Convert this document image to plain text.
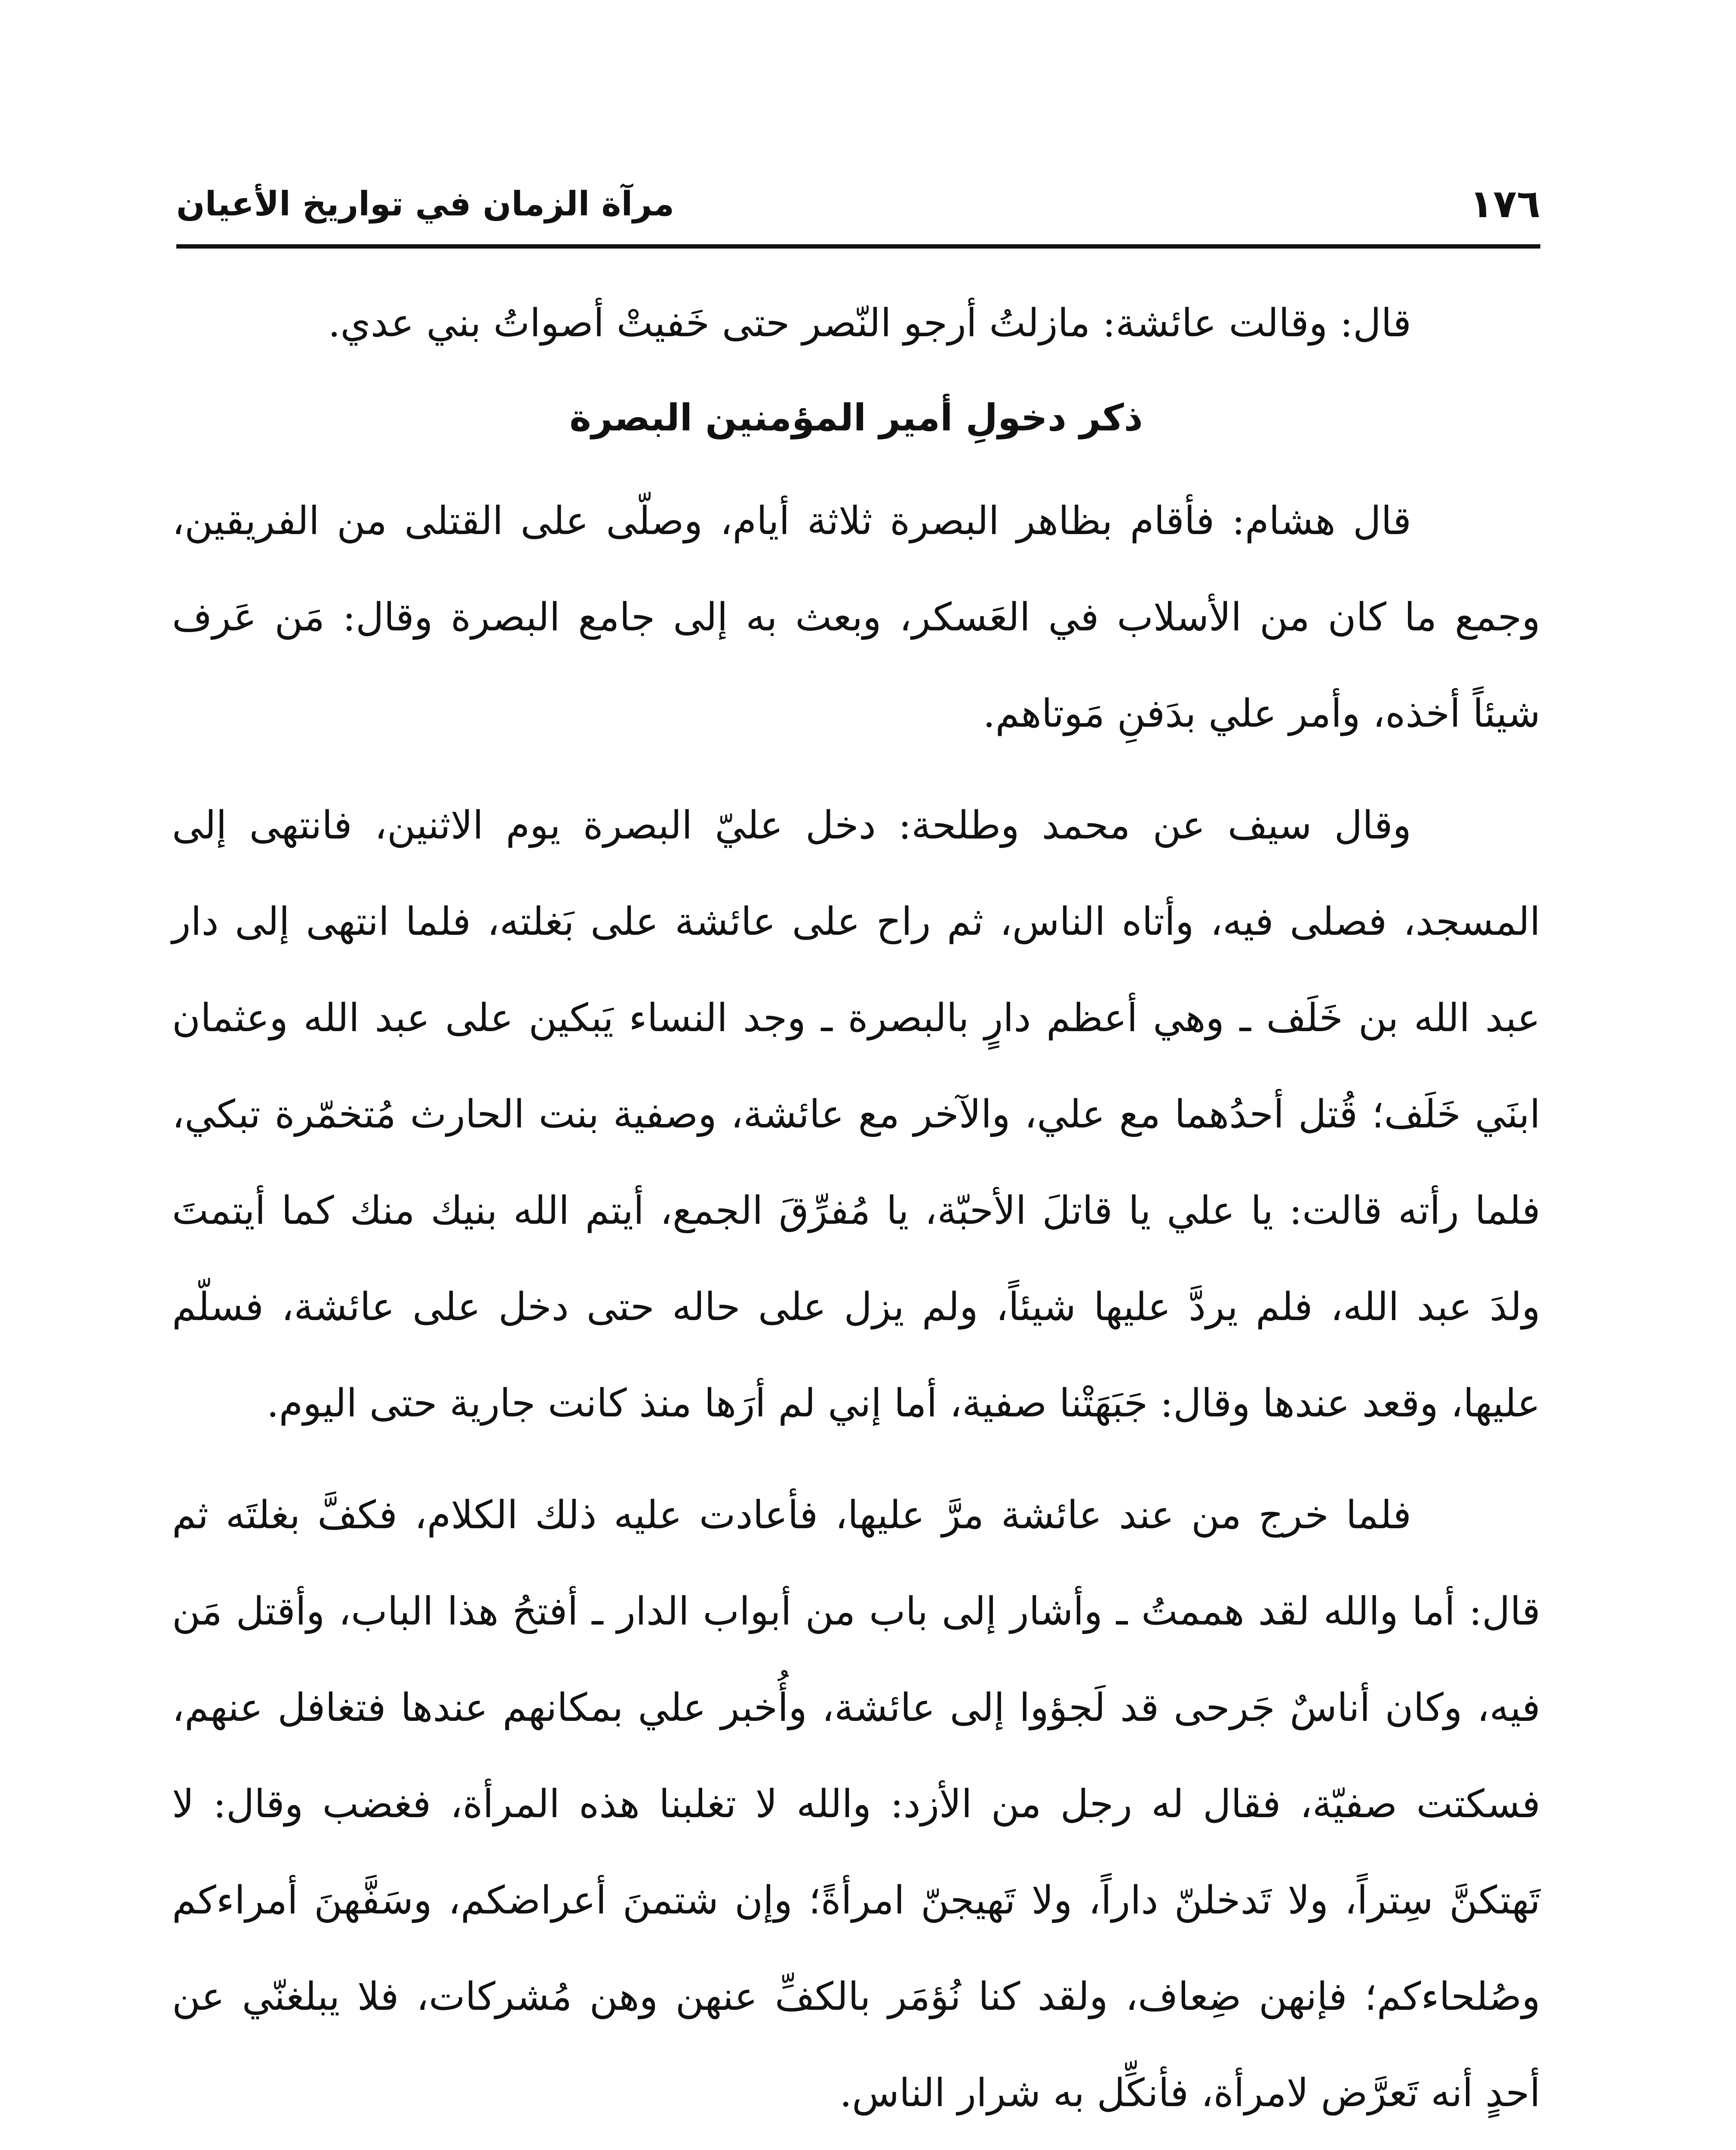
١٧٦
مرآة الزمان في تواريخ الأعيان

قال: وقالت عائشة: مازلتُ أرجو النّصر حتى خَفيتْ أصواتُ بني عدي.

ذكر دخولِ أمير المؤمنين البصرة

قال هشام: فأقام بظاهر البصرة ثلاثة أيام، وصلّى على القتلى من الفريقين، وجمع ما كان من الأسلاب في العَسكر، وبعث به إلى جامع البصرة وقال: مَن عَرف شيئاً أخذه، وأمر علي بدَفنِ مَوتاهم.

وقال سيف عن محمد وطلحة: دخل عليّ البصرة يوم الاثنين، فانتهى إلى المسجد، فصلى فيه، وأتاه الناس، ثم راح على عائشة على بَغلته، فلما انتهى إلى دار عبد الله بن خَلَف ـ وهي أعظم دارٍ بالبصرة ـ وجد النساء يَبكين على عبد الله وعثمان ابنَي خَلَف؛ قُتل أحدُهما مع علي، والآخر مع عائشة، وصفية بنت الحارث مُتخمّرة تبكي، فلما رأته قالت: يا علي يا قاتلَ الأحبّة، يا مُفرِّقَ الجمع، أيتم الله بنيك منك كما أيتمتَ ولدَ عبد الله، فلم يردَّ عليها شيئاً، ولم يزل على حاله حتى دخل على عائشة، فسلّم عليها، وقعد عندها وقال: جَبَهَتْنا صفية، أما إني لم أرَها منذ كانت جارية حتى اليوم.

فلما خرج من عند عائشة مرَّ عليها، فأعادت عليه ذلك الكلام، فكفَّ بغلتَه ثم قال: أما والله لقد هممتُ ـ وأشار إلى باب من أبواب الدار ـ أفتحُ هذا الباب، وأقتل مَن فيه، وكان أناسٌ جَرحى قد لَجؤوا إلى عائشة، وأُخبر علي بمكانهم عندها فتغافل عنهم، فسكتت صفيّة، فقال له رجل من الأزد: والله لا تغلبنا هذه المرأة، فغضب وقال: لا تَهتكنَّ سِتراً، ولا تَدخلنّ داراً، ولا تَهيجنّ امرأةً؛ وإن شتمنَ أعراضكم، وسَفَّهنَ أمراءكم وصُلحاءكم؛ فإنهن ضِعاف، ولقد كنا نُؤمَر بالكفِّ عنهن وهن مُشركات، فلا يبلغنّي عن أحدٍ أنه تَعرَّض لامرأة، فأنكِّل به شرار الناس.
